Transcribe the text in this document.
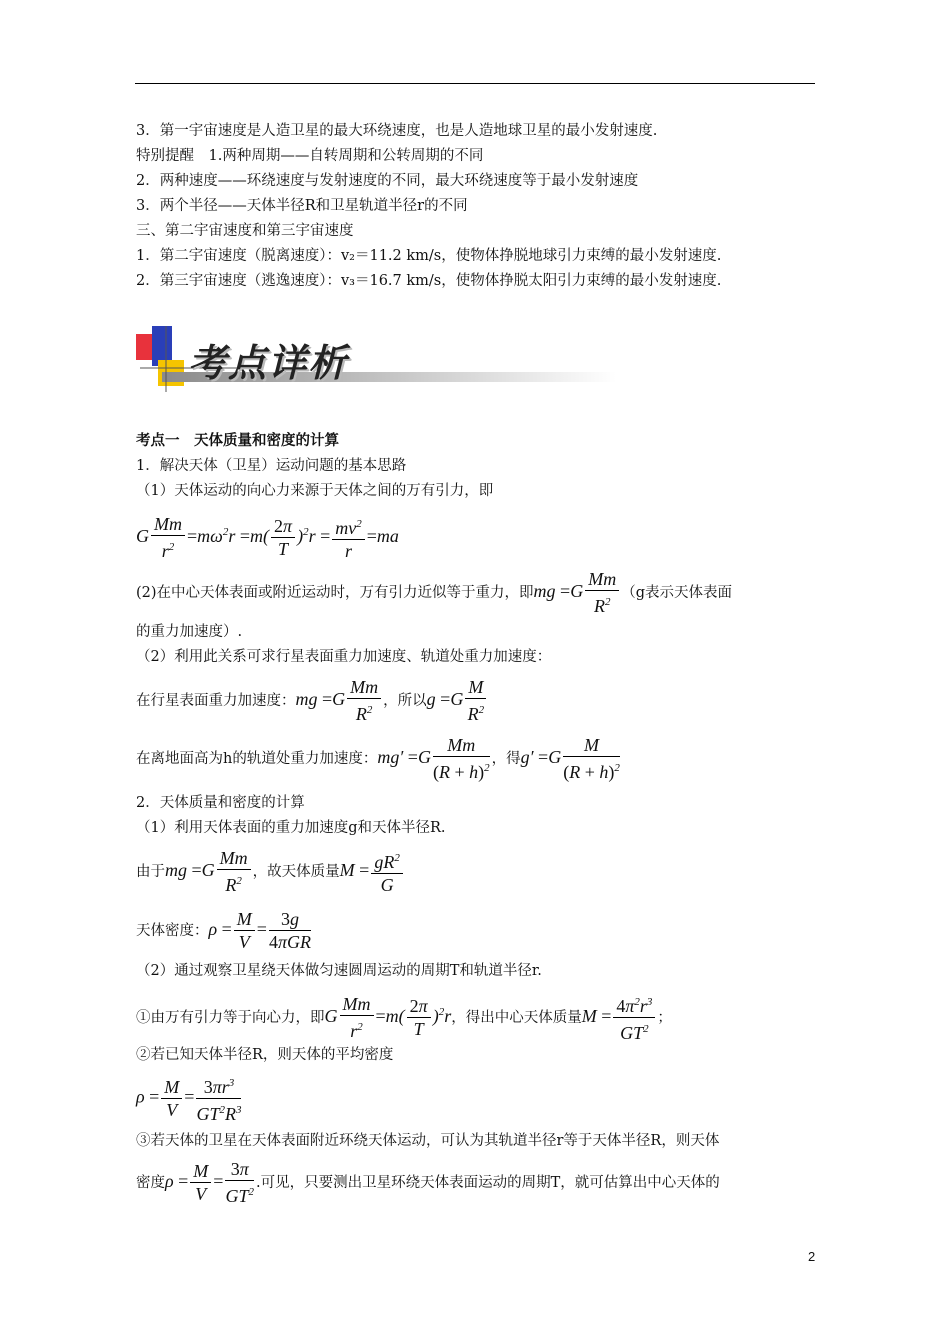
3．第一宇宙速度是人造卫星的最大环绕速度，也是人造地球卫星的最小发射速度.
特别提醒　1.两种周期——自转周期和公转周期的不同
2．两种速度——环绕速度与发射速度的不同，最大环绕速度等于最小发射速度
3．两个半径——天体半径R和卫星轨道半径r的不同
三、第二宇宙速度和第三宇宙速度
1．第二宇宙速度（脱离速度）：v₂＝11.2 km/s，使物体挣脱地球引力束缚的最小发射速度.
2．第三宇宙速度（逃逸速度）：v₃＝16.7 km/s，使物体挣脱太阳引力束缚的最小发射速度.
考点详析
考点一　天体质量和密度的计算
1．解决天体（卫星）运动问题的基本思路
（1）天体运动的向心力来源于天体之间的万有引力，即
G $\frac{Mm}{r^2} =m\omega^2r =m( \frac{2\pi}{T} )^2r = \frac{mv^2}{r} =ma$
(2)在中心天体表面或附近运动时，万有引力近似等于重力，即mg $=G \frac{Mm}{R^2} (g$表示天体表面
的重力加速度）.
（2）利用此关系可求行星表面重力加速度、轨道处重力加速度：
在行星表面重力加速度：mg $=G \frac{Mm}{R^2}$ ，所以$g =G \frac{M}{R^2}$
在离地面高为h的轨道处重力加速度：$mg' =G \frac{Mm}{(R + h)^2}$ ，得$g' =G \frac{M}{(R + h)^2}$
2．天体质量和密度的计算
（1）利用天体表面的重力加速度g和天体半径R.
由于mg $=G \frac{Mm}{R^2}$ ，故天体质量$M = \frac{gR^2}{G}$
天体密度：$\rho = \frac{M}{V} = \frac{3g}{\text{4πGR}}$
（2）通过观察卫星绕天体做匀速圆周运动的周期T和轨道半径r.
①由万有引力等于向心力，即G $\frac{Mm}{r^2} =m( \frac{2\pi}{T} )^2r$，得出中心天体质量$M = \frac{4\pi^2r^3}{GT^2}$ ；
②若已知天体半径R，则天体的平均密度
$\rho = \frac{M}{V} = \frac{3\pi r^3}{GT^2R^3}$
③若天体的卫星在天体表面附近环绕天体运动，可认为其轨道半径r等于天体半径R，则天体
密度$\rho = \frac{M}{V} = \frac{3\pi}{GT^2}$ .可见，只要测出卫星环绕天体表面运动的周期T，就可估算出中心天体的
2
